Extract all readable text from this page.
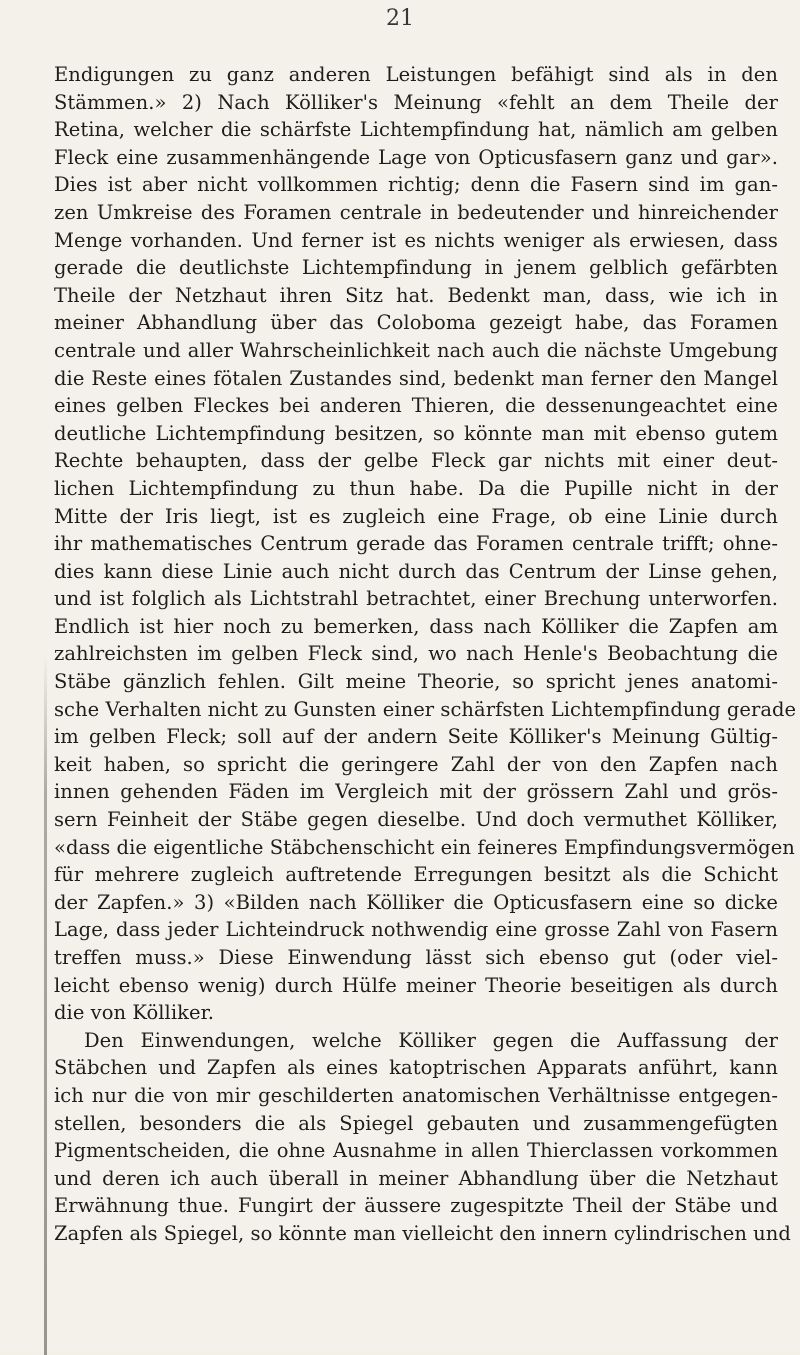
21
Endigungen zu ganz anderen Leistungen befähigt sind als in den
Stämmen.» 2) Nach Kölliker's Meinung «fehlt an dem Theile der
Retina, welcher die schärfste Lichtempfindung hat, nämlich am gelben
Fleck eine zusammenhängende Lage von Opticusfasern ganz und gar».
Dies ist aber nicht vollkommen richtig; denn die Fasern sind im gan-
zen Umkreise des Foramen centrale in bedeutender und hinreichender
Menge vorhanden. Und ferner ist es nichts weniger als erwiesen, dass
gerade die deutlichste Lichtempfindung in jenem gelblich gefärbten
Theile der Netzhaut ihren Sitz hat. Bedenkt man, dass, wie ich in
meiner Abhandlung über das Coloboma gezeigt habe, das Foramen
centrale und aller Wahrscheinlichkeit nach auch die nächste Umgebung
die Reste eines fötalen Zustandes sind, bedenkt man ferner den Mangel
eines gelben Fleckes bei anderen Thieren, die dessenungeachtet eine
deutliche Lichtempfindung besitzen, so könnte man mit ebenso gutem
Rechte behaupten, dass der gelbe Fleck gar nichts mit einer deut-
lichen Lichtempfindung zu thun habe. Da die Pupille nicht in der
Mitte der Iris liegt, ist es zugleich eine Frage, ob eine Linie durch
ihr mathematisches Centrum gerade das Foramen centrale trifft; ohne-
dies kann diese Linie auch nicht durch das Centrum der Linse gehen,
und ist folglich als Lichtstrahl betrachtet, einer Brechung unterworfen.
Endlich ist hier noch zu bemerken, dass nach Kölliker die Zapfen am
zahlreichsten im gelben Fleck sind, wo nach Henle's Beobachtung die
Stäbe gänzlich fehlen. Gilt meine Theorie, so spricht jenes anatomi-
sche Verhalten nicht zu Gunsten einer schärfsten Lichtempfindung gerade
im gelben Fleck; soll auf der andern Seite Kölliker's Meinung Gültig-
keit haben, so spricht die geringere Zahl der von den Zapfen nach
innen gehenden Fäden im Vergleich mit der grössern Zahl und grös-
sern Feinheit der Stäbe gegen dieselbe. Und doch vermuthet Kölliker,
«dass die eigentliche Stäbchenschicht ein feineres Empfindungsvermögen
für mehrere zugleich auftretende Erregungen besitzt als die Schicht
der Zapfen.» 3) «Bilden nach Kölliker die Opticusfasern eine so dicke
Lage, dass jeder Lichteindruck nothwendig eine grosse Zahl von Fasern
treffen muss.» Diese Einwendung lässt sich ebenso gut (oder viel-
leicht ebenso wenig) durch Hülfe meiner Theorie beseitigen als durch
die von Kölliker.
Den Einwendungen, welche Kölliker gegen die Auffassung der
Stäbchen und Zapfen als eines katoptrischen Apparats anführt, kann
ich nur die von mir geschilderten anatomischen Verhältnisse entgegen-
stellen, besonders die als Spiegel gebauten und zusammengefügten
Pigmentscheiden, die ohne Ausnahme in allen Thierclassen vorkommen
und deren ich auch überall in meiner Abhandlung über die Netzhaut
Erwähnung thue. Fungirt der äussere zugespitzte Theil der Stäbe und
Zapfen als Spiegel, so könnte man vielleicht den innern cylindrischen und
